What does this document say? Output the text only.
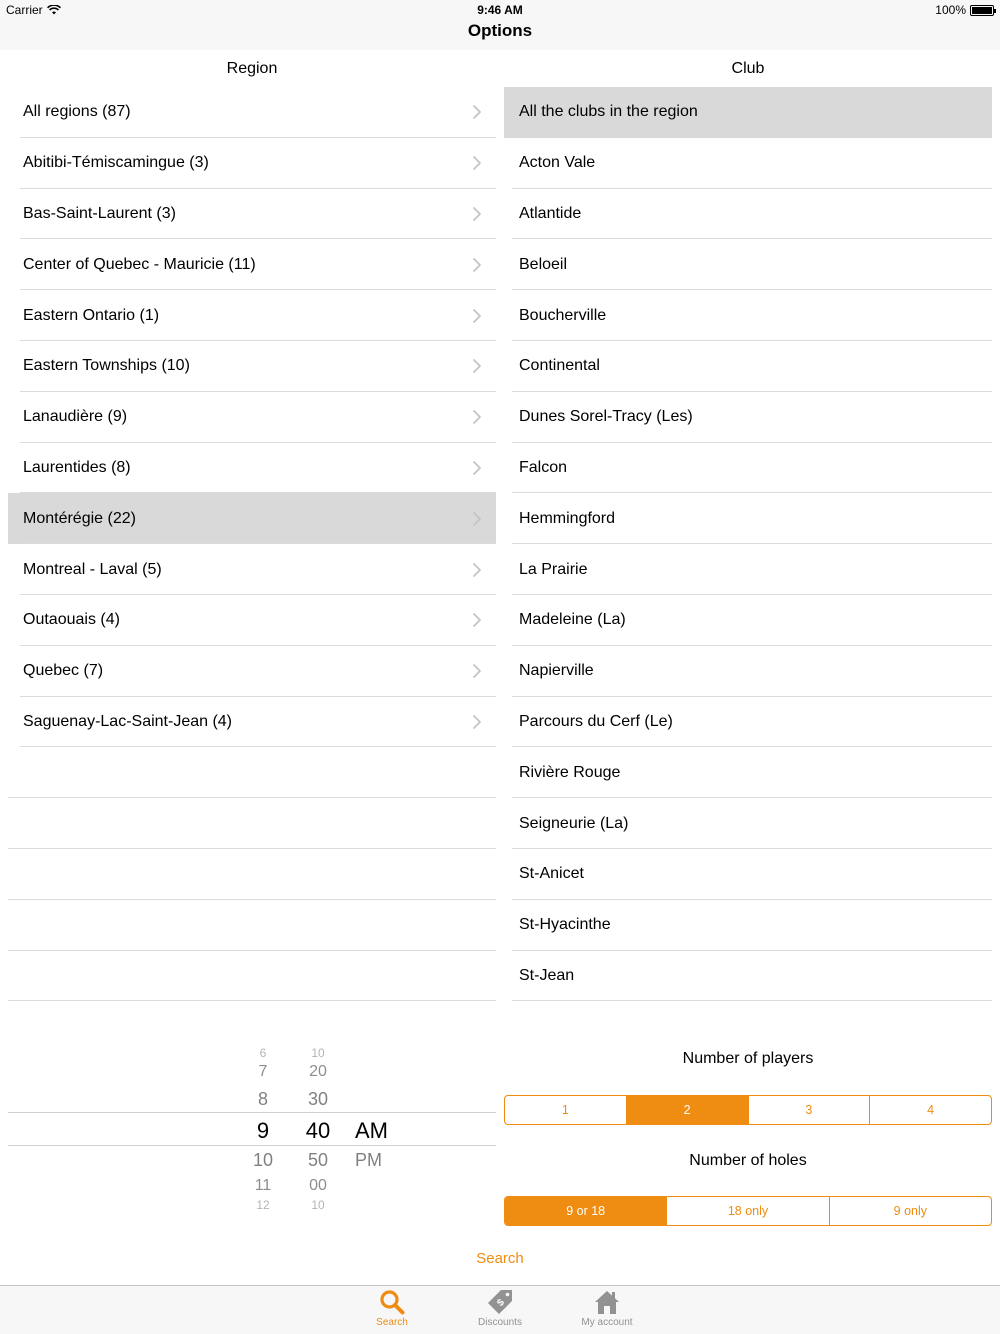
Carrier	9:46 AM	100%
Options
Region
All regions (87)
Abitibi-Témiscamingue (3)
Bas-Saint-Laurent (3)
Center of Quebec - Mauricie (11)
Eastern Ontario (1)
Eastern Townships (10)
Lanaudière (9)
Laurentides (8)
Montérégie (22)
Montreal - Laval (5)
Outaouais (4)
Quebec (7)
Saguenay-Lac-Saint-Jean (4)
Club
All the clubs in the region
Acton Vale
Atlantide
Beloeil
Boucherville
Continental
Dunes Sorel-Tracy (Les)
Falcon
Hemmingford
La Prairie
Madeleine (La)
Napierville
Parcours du Cerf (Le)
Rivière Rouge
Seigneurie (La)
St-Anicet
St-Hyacinthe
St-Jean
6
7
8
9
10
11
12
10
20
30
40
50
00
10
AM
PM
Number of players
1	2	3	4
Number of holes
9 or 18	18 only	9 only
Search
Search
$
Discounts	My account
